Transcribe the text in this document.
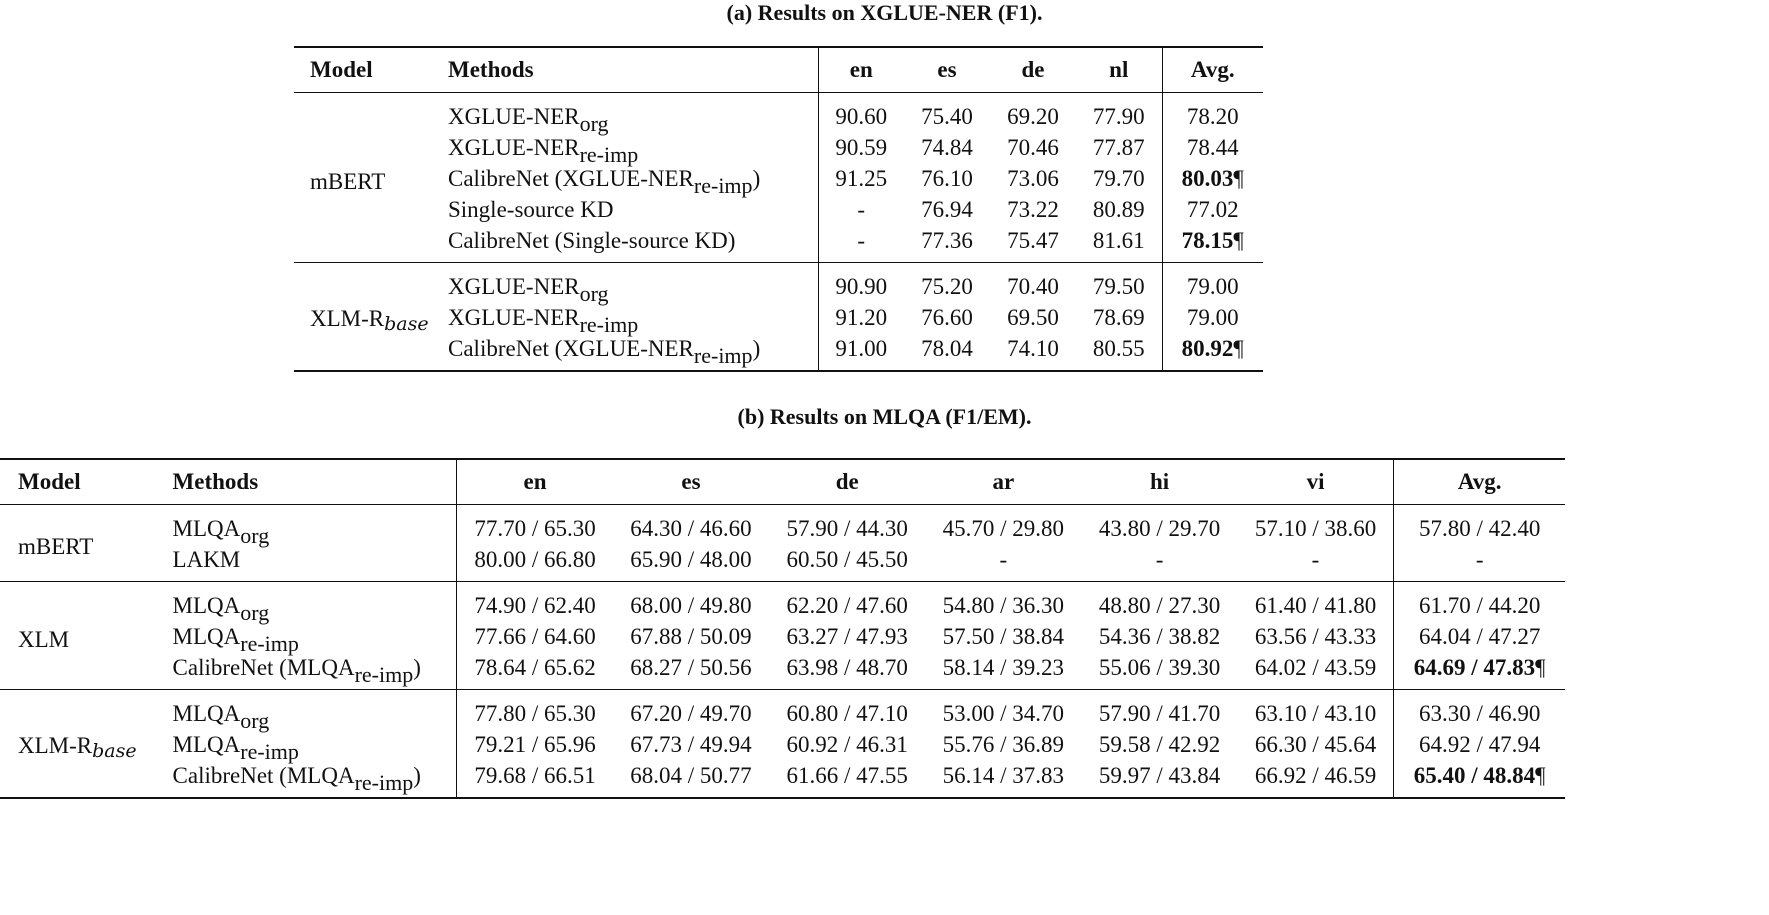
(a) Results on XGLUE-NER (F1).
Model	Methods	en	es	de	nl	Avg.
mBERT	XGLUE-$NER_{org}$	90.60	75.40	69.20	77.90	78.20
	XGLUE-$NER_{re-imp}$	90.59	74.84	70.46	77.87	78.44
	CalibreNet $(XGLUE-NER_{re-imp})$	91.25	76.10	73.06	79.70	80.03¶
	Single-source KD	-	76.94	73.22	80.89	77.02
	CalibreNet (Single-source KD)	-	77.36	75.47	81.61	78.15¶
XLM-Rbase	XGLUE-$NER_{org}$	90.90	75.20	70.40	79.50	79.00
	XGLUE-$NER_{re-imp}$	91.20	76.60	69.50	78.69	79.00
	CalibreNet $(XGLUE-NER_{re-imp})$	91.00	78.04	74.10	80.55	80.92¶
(b) Results on MLQA (F1/EM).
Model	Methods	en	es	de	ar	hi	vi	Avg.
mBERT	$MLQA_{org}$	77.70 / 65.30	64.30 / 46.60	57.90 / 44.30	45.70 / 29.80	43.80 / 29.70	57.10 / 38.60	57.80 / 42.40
	LAKM	80.00 / 66.80	65.90 / 48.00	60.50 / 45.50	-	-	-	-
XLM	$MLQA_{org}$	74.90 / 62.40	68.00 / 49.80	62.20 / 47.60	54.80 / 36.30	48.80 / 27.30	61.40 / 41.80	61.70 / 44.20
	$MLQA_{re-imp}$	77.66 / 64.60	67.88 / 50.09	63.27 / 47.93	57.50 / 38.84	54.36 / 38.82	63.56 / 43.33	64.04 / 47.27
	CalibreNet $(MLQA_{re-imp})$	78.64 / 65.62	68.27 / 50.56	63.98 / 48.70	58.14 / 39.23	55.06 / 39.30	64.02 / 43.59	64.69 / 47.83¶
XLM-Rbase	$MLQA_{org}$	77.80 / 65.30	67.20 / 49.70	60.80 / 47.10	53.00 / 34.70	57.90 / 41.70	63.10 / 43.10	63.30 / 46.90
	$MLQA_{re-imp}$	79.21 / 65.96	67.73 / 49.94	60.92 / 46.31	55.76 / 36.89	59.58 / 42.92	66.30 / 45.64	64.92 / 47.94
	CalibreNet $(MLQA_{re-imp})$	79.68 / 66.51	68.04 / 50.77	61.66 / 47.55	56.14 / 37.83	59.97 / 43.84	66.92 / 46.59	65.40 / 48.84¶
